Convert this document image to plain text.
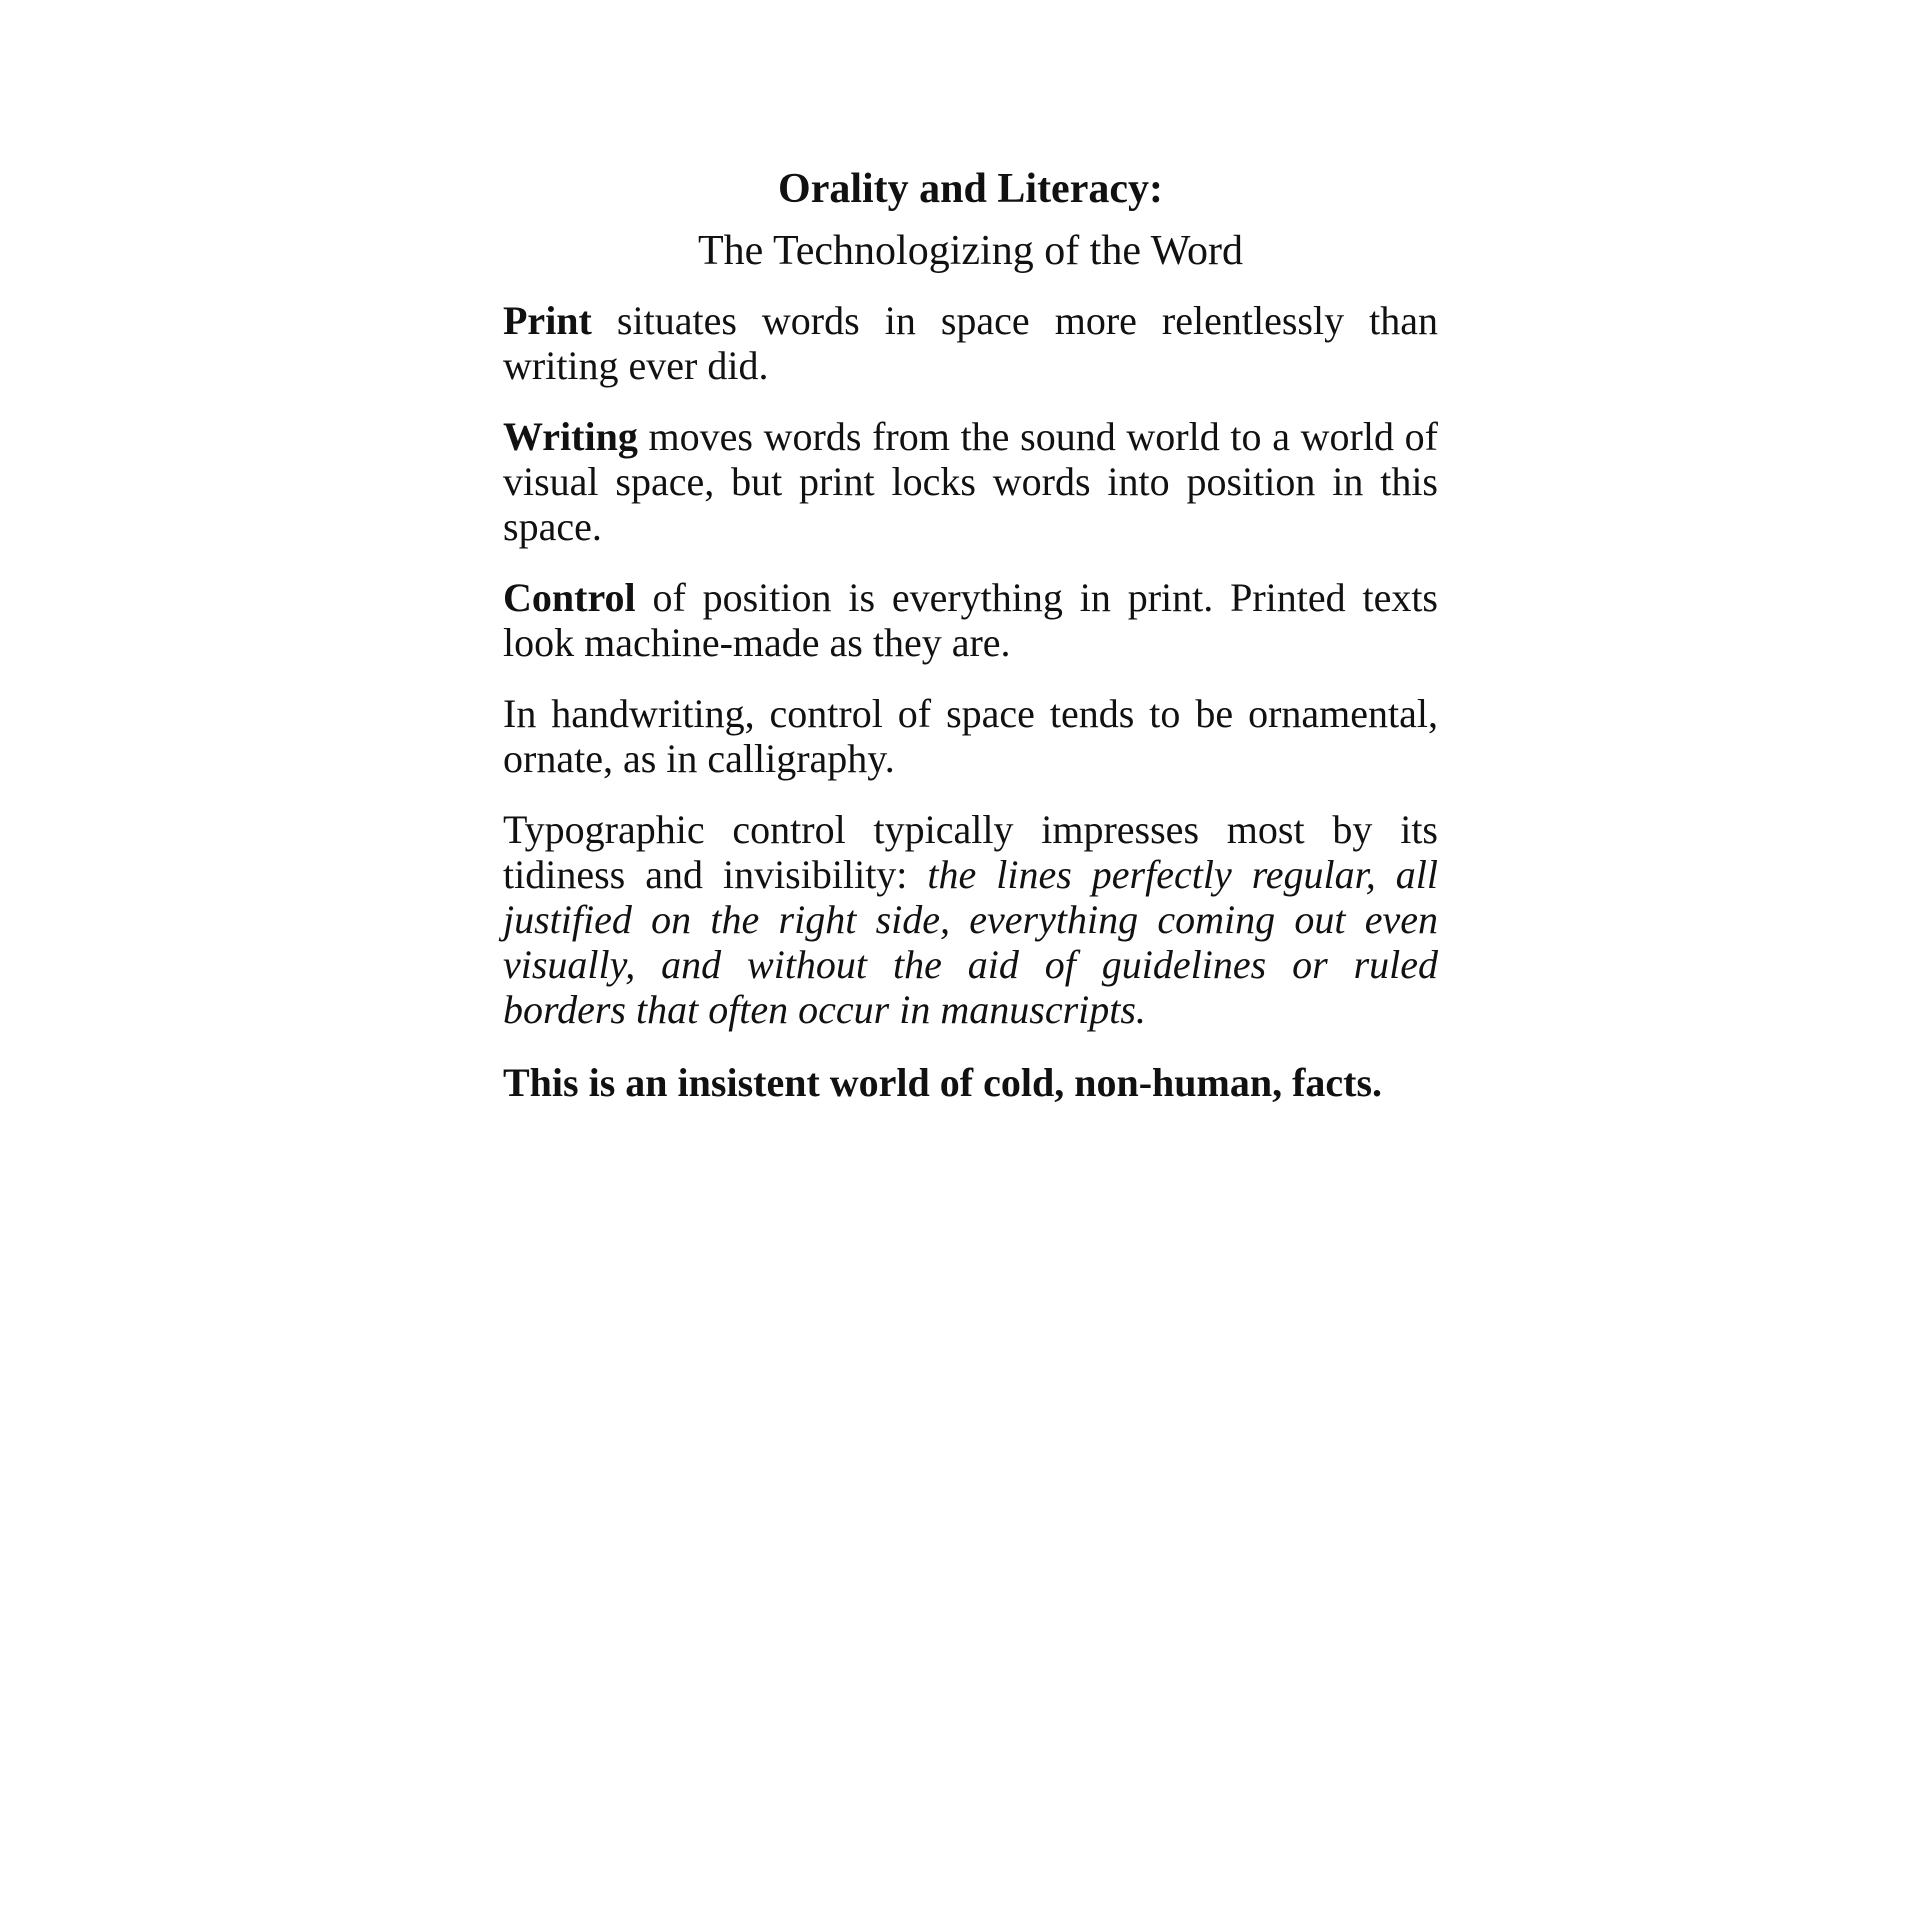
Orality and Literacy:
The Technologizing of the Word

Print situates words in space more relentlessly than writing ever did.

Writing moves words from the sound world to a world of visual space, but print locks words into position in this space.

Control of position is everything in print. Printed texts look machine-made as they are.

In handwriting, control of space tends to be ornamental, ornate, as in calligraphy.

Typographic control typically impresses most by its tidiness and invisibility: the lines perfectly regular, all justified on the right side, everything coming out even visually, and without the aid of guidelines or ruled borders that often occur in manuscripts.

This is an insistent world of cold, non-human, facts.
